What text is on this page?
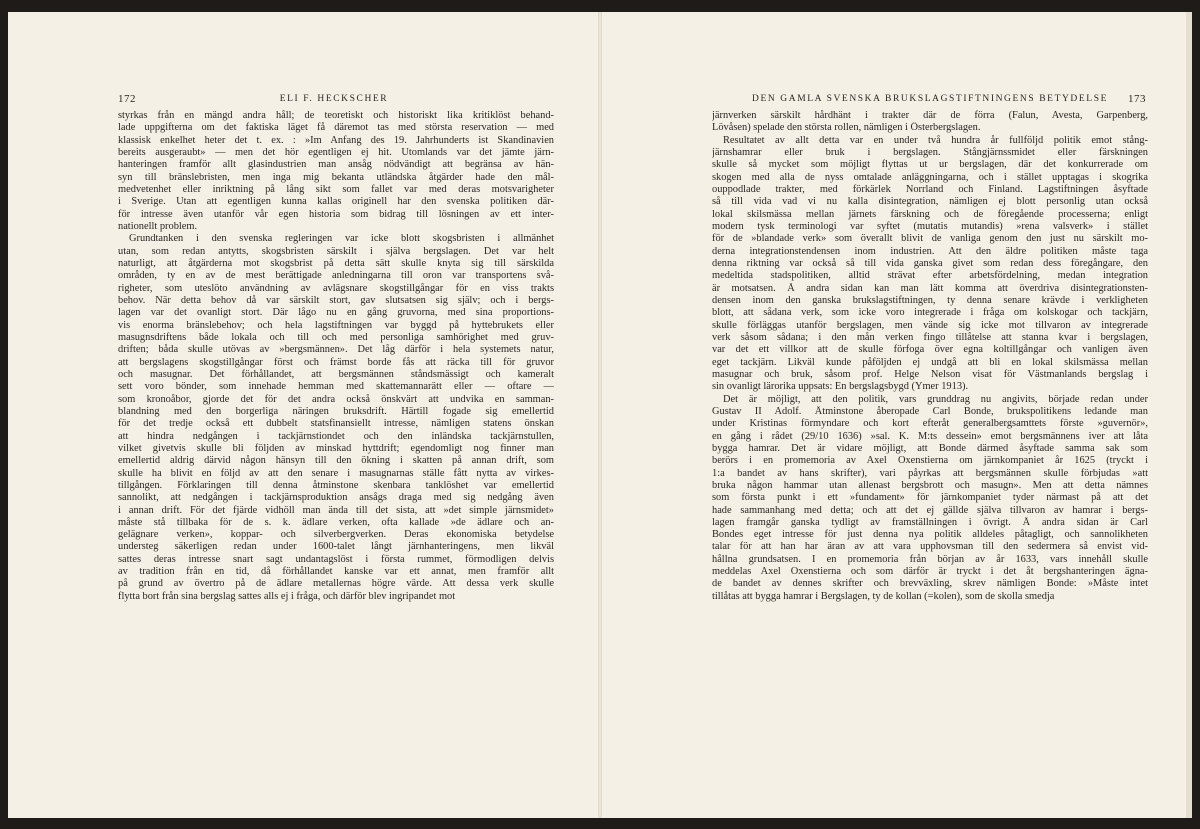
172	ELI F. HECKSCHER
styrkas från en mängd andra håll; de teoretiskt och historiskt lika kritiklöst behand-
lade uppgifterna om det faktiska läget få däremot tas med största reservation — med
klassisk enkelhet heter det t. ex. : »Im Anfang des 19. Jahrhunderts ist Skandinavien
bereits ausgeraubt» — men det hör egentligen ej hit. Utomlands var det jämte järn-
hanteringen framför allt glasindustrien man ansåg nödvändigt att begränsa av hän-
syn till bränslebristen, men inga mig bekanta utländska åtgärder hade den mål-
medvetenhet eller inriktning på lång sikt som fallet var med deras motsvarigheter
i Sverige. Utan att egentligen kunna kallas originell har den svenska politiken där-
för intresse även utanför vår egen historia som bidrag till lösningen av ett inter-
nationellt problem.
Grundtanken i den svenska regleringen var icke blott skogsbristen i allmänhet
utan, som redan antytts, skogsbristen särskilt i själva bergslagen. Det var helt
naturligt, att åtgärderna mot skogsbrist på detta sätt skulle knyta sig till särskilda
områden, ty en av de mest berättigade anledningarna till oron var transportens svå-
righeter, som uteslöto användning av avlägsnare skogstillgångar för en viss trakts
behov. När detta behov då var särskilt stort, gav slutsatsen sig själv; och i bergs-
lagen var det ovanligt stort. Där lågo nu en gång gruvorna, med sina proportions-
vis enorma bränslebehov; och hela lagstiftningen var byggd på hyttebrukets eller
masugnsdriftens både lokala och till och med personliga samhörighet med gruv-
driften; båda skulle utövas av »bergsmännen». Det låg därför i hela systemets natur,
att bergslagens skogstillgångar först och främst borde fås att räcka till för gruvor
och masugnar. Det förhållandet, att bergsmännen ståndsmässigt och kameralt
sett voro bönder, som innehade hemman med skattemannarätt eller — oftare —
som kronoåbor, gjorde det för det andra också önskvärt att undvika en samman-
blandning med den borgerliga näringen bruksdrift. Härtill fogade sig emellertid
för det tredje också ett dubbelt statsfinansiellt intresse, nämligen statens önskan
att hindra nedgången i tackjärnstiondet och den inländska tackjärnstullen,
vilket givetvis skulle bli följden av minskad hyttdrift; egendomligt nog finner man
emellertid aldrig därvid någon hänsyn till den ökning i skatten på annan drift, som
skulle ha blivit en följd av att den senare i masugnarnas ställe fått nytta av virkes-
tillgången. Förklaringen till denna åtminstone skenbara tanklöshet var emellertid
sannolikt, att nedgången i tackjärnsproduktion ansågs draga med sig nedgång även
i annan drift. För det fjärde vidhöll man ända till det sista, att »det simple järnsmidet»
måste stå tillbaka för de s. k. ädlare verken, ofta kallade »de ädlare och an-
gelägnare verken», koppar- och silverbergverken. Deras ekonomiska betydelse
understeg säkerligen redan under 1600-talet långt järnhanteringens, men likväl
sattes deras intresse snart sagt undantagslöst i första rummet, förmodligen delvis
av tradition från en tid, då förhållandet kanske var ett annat, men framför allt
på grund av övertro på de ädlare metallernas högre värde. Att dessa verk skulle
flytta bort från sina bergslag sattes alls ej i fråga, och därför blev ingripandet mot
DEN GAMLA SVENSKA BRUKSLAGSTIFTNINGENS BETYDELSE 173
järnverken särskilt hårdhänt i trakter där de förra (Falun, Avesta, Garpenberg,
Lövåsen) spelade den största rollen, nämligen i Österbergslagen.
Resultatet av allt detta var en under två hundra år fullföljd politik emot stång-
järnshamrar eller bruk i bergslagen. Stångjärnssmidet eller färskningen
skulle så mycket som möjligt flyttas ut ur bergslagen, där det konkurrerade om
skogen med alla de nyss omtalade anläggningarna, och i stället upptagas i skogrika
ouppodlade trakter, med förkärlek Norrland och Finland. Lagstiftningen åsyftade
så till vida vad vi nu kalla disintegration, nämligen ej blott personlig utan också
lokal skilsmässa mellan järnets färskning och de föregående processerna; enligt
modern tysk terminologi var syftet (mutatis mutandis) »rena valsverk» i stället
för de »blandade verk» som överallt blivit de vanliga genom den just nu särskilt mo-
derna integrationstendensen inom industrien. Att den äldre politiken måste taga
denna riktning var också så till vida ganska givet som redan dess föregångare, den
medeltida stadspolitiken, alltid strävat efter arbetsfördelning, medan integration
är motsatsen. Å andra sidan kan man lätt komma att överdriva disintegrationsten-
densen inom den ganska brukslagstiftningen, ty denna senare krävde i verkligheten
blott, att sådana verk, som icke voro integrerade i fråga om kolskogar och tackjärn,
skulle förläggas utanför bergslagen, men vände sig icke mot tillvaron av integrerade
verk såsom sådana; i den mån verken fingo tillåtelse att stanna kvar i bergslagen,
var det ett villkor att de skulle förfoga över egna koltillgångar och vanligen även
eget tackjärn. Likväl kunde påföljden ej undgå att bli en lokal skilsmässa mellan
masugnar och bruk, såsom prof. Helge Nelson visat för Västmanlands bergslag i
sin ovanligt lärorika uppsats: En bergslagsbygd (Ymer 1913).
Det är möjligt, att den politik, vars grunddrag nu angivits, började redan under
Gustav II Adolf. Åtminstone åberopade Carl Bonde, brukspolitikens ledande man
under Kristinas förmyndare och kort efteråt generalbergsamttets förste »guvernör»,
en gång i rådet (29/10 1636) »sal. K. M:ts dessein» emot bergsmännens iver att låta
bygga hamrar. Det är vidare möjligt, att Bonde därmed åsyftade samma sak som
berörs i en promemoria av Axel Oxenstierna om järnkompaniet år 1625 (tryckt i
1:a bandet av hans skrifter), vari påyrkas att bergsmännen skulle förbjudas »att
bruka någon hammar utan allenast bergsbrott och masugn». Men att detta nämnes
som första punkt i ett »fundament» för järnkompaniet tyder närmast på att det
hade sammanhang med detta; och att det ej gällde själva tillvaron av hamrar i bergs-
lagen framgår ganska tydligt av framställningen i övrigt. Å andra sidan är Carl
Bondes eget intresse för just denna nya politik alldeles påtagligt, och sannolikheten
talar för att han har äran av att vara upphovsman till den sedermera så envist vid-
hållna grundsatsen. I en promemoria från början av år 1633, vars innehåll skulle
meddelas Axel Oxenstierna och som därför är tryckt i det åt bergshanteringen ägna-
de bandet av dennes skrifter och brevväxling, skrev nämligen Bonde: »Måste intet
tillåtas att bygga hamrar i Bergslagen, ty de kollan (=kolen), som de skolla smedja
